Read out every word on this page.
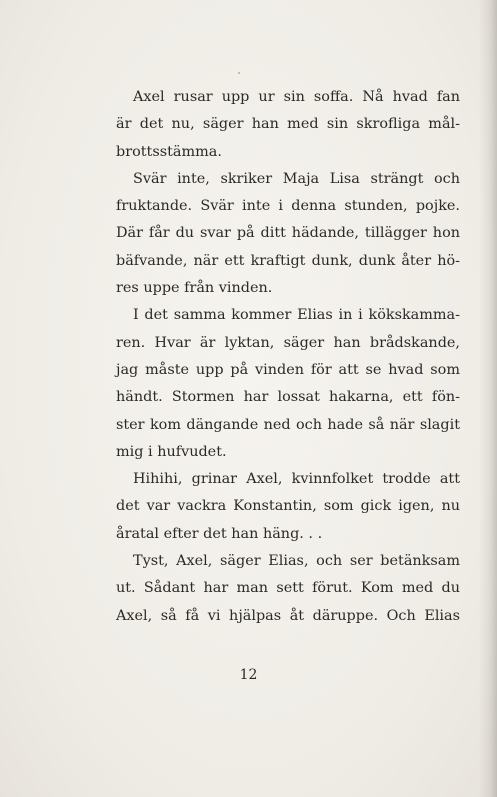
Axel rusar upp ur sin soffa. Nå hvad fan
är det nu, säger han med sin skrofliga mål-
brottsstämma.
Svär inte, skriker Maja Lisa strängt och
fruktande. Svär inte i denna stunden, pojke.
Där får du svar på ditt hädande, tillägger hon
bäfvande, när ett kraftigt dunk, dunk åter hö-
res uppe från vinden.
I det samma kommer Elias in i kökskamma-
ren. Hvar är lyktan, säger han brådskande,
jag måste upp på vinden för att se hvad som
händt. Stormen har lossat hakarna, ett fön-
ster kom dängande ned och hade så när slagit
mig i hufvudet.
Hihihi, grinar Axel, kvinnfolket trodde att
det var vackra Konstantin, som gick igen, nu
åratal efter det han häng. . .
Tyst, Axel, säger Elias, och ser betänksam
ut. Sådant har man sett förut. Kom med du
Axel, så få vi hjälpas åt däruppe. Och Elias
12
